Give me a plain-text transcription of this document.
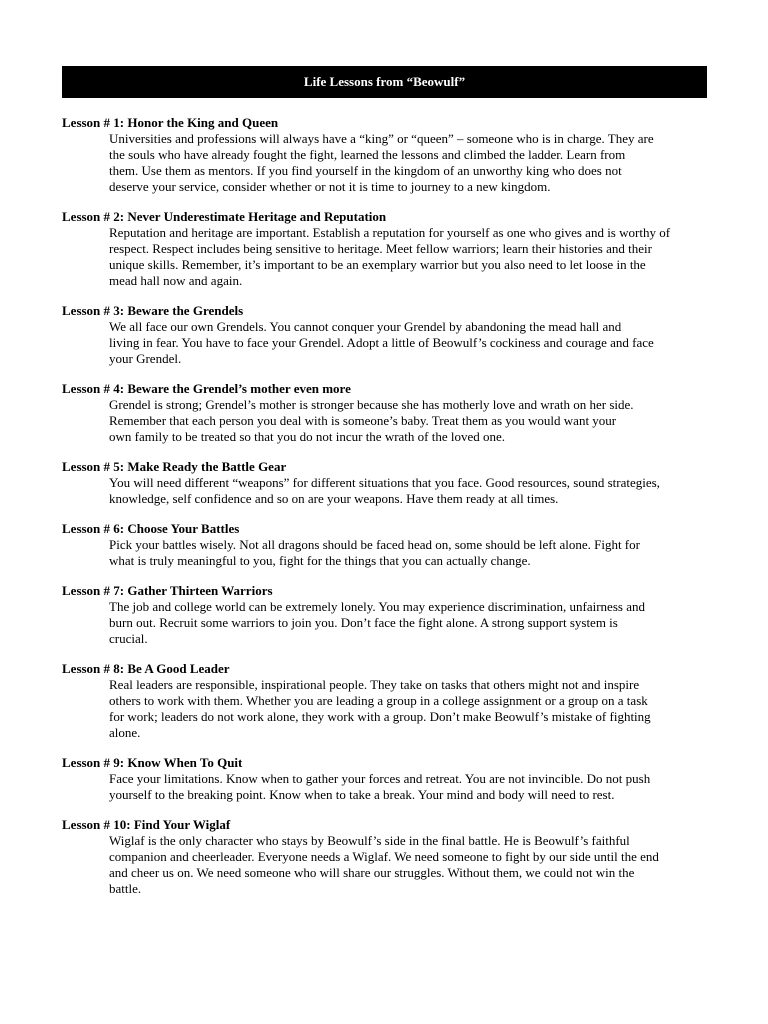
Life Lessons from “Beowulf”
Lesson # 1: Honor the King and Queen
Universities and professions will always have a “king” or “queen” – someone who is in charge. They are
the souls who have already fought the fight, learned the lessons and climbed the ladder. Learn from
them. Use them as mentors. If you find yourself in the kingdom of an unworthy king who does not
deserve your service, consider whether or not it is time to journey to a new kingdom.
Lesson # 2: Never Underestimate Heritage and Reputation
Reputation and heritage are important. Establish a reputation for yourself as one who gives and is worthy of
respect. Respect includes being sensitive to heritage. Meet fellow warriors; learn their histories and their
unique skills. Remember, it’s important to be an exemplary warrior but you also need to let loose in the
mead hall now and again.
Lesson # 3: Beware the Grendels
We all face our own Grendels. You cannot conquer your Grendel by abandoning the mead hall and
living in fear. You have to face your Grendel. Adopt a little of Beowulf’s cockiness and courage and face
your Grendel.
Lesson # 4: Beware the Grendel’s mother even more
Grendel is strong; Grendel’s mother is stronger because she has motherly love and wrath on her side.
Remember that each person you deal with is someone’s baby. Treat them as you would want your
own family to be treated so that you do not incur the wrath of the loved one.
Lesson # 5: Make Ready the Battle Gear
You will need different “weapons” for different situations that you face. Good resources, sound strategies,
knowledge, self confidence and so on are your weapons. Have them ready at all times.
Lesson # 6: Choose Your Battles
Pick your battles wisely. Not all dragons should be faced head on, some should be left alone. Fight for
what is truly meaningful to you, fight for the things that you can actually change.
Lesson # 7: Gather Thirteen Warriors
The job and college world can be extremely lonely. You may experience discrimination, unfairness and
burn out. Recruit some warriors to join you. Don’t face the fight alone. A strong support system is
crucial.
Lesson # 8: Be A Good Leader
Real leaders are responsible, inspirational people. They take on tasks that others might not and inspire
others to work with them. Whether you are leading a group in a college assignment or a group on a task
for work; leaders do not work alone, they work with a group. Don’t make Beowulf’s mistake of fighting
alone.
Lesson # 9: Know When To Quit
Face your limitations. Know when to gather your forces and retreat. You are not invincible. Do not push
yourself to the breaking point. Know when to take a break. Your mind and body will need to rest.
Lesson # 10: Find Your Wiglaf
Wiglaf is the only character who stays by Beowulf’s side in the final battle. He is Beowulf’s faithful
companion and cheerleader. Everyone needs a Wiglaf. We need someone to fight by our side until the end
and cheer us on. We need someone who will share our struggles. Without them, we could not win the
battle.
